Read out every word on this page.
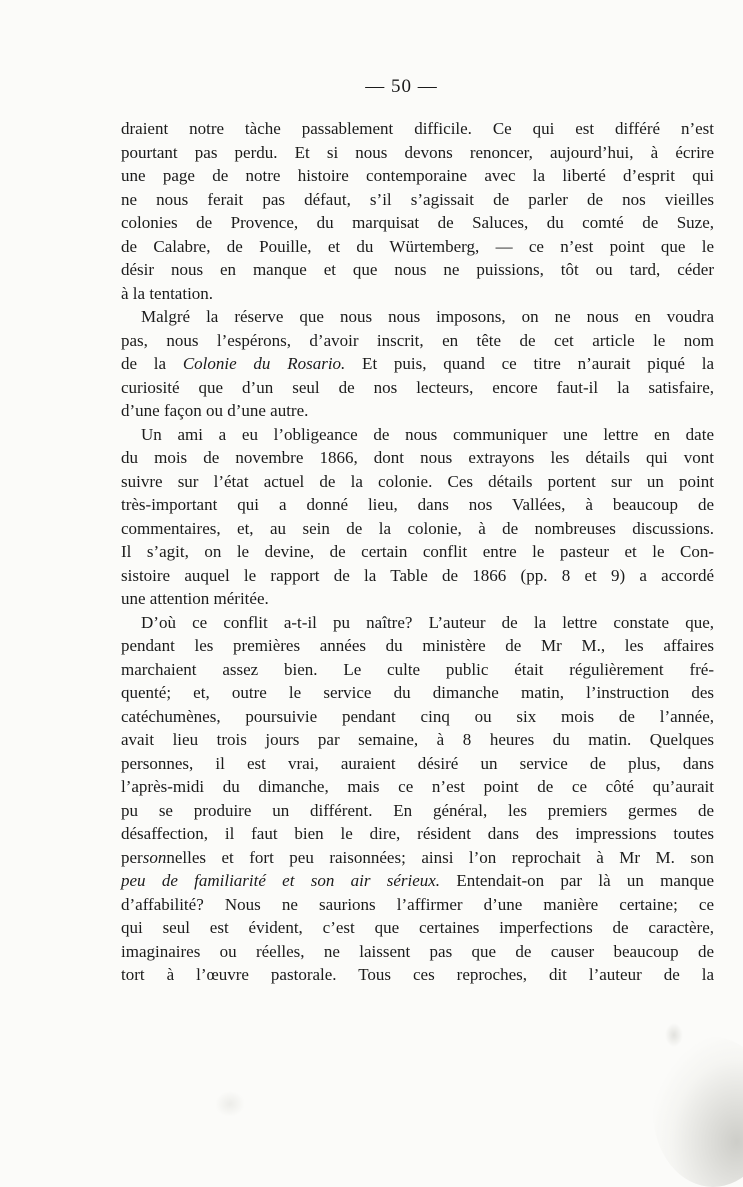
— 50 —
draient notre tàche passablement difficile. Ce qui est différé n’est
pourtant pas perdu. Et si nous devons renoncer, aujourd’hui, à écrire
une page de notre histoire contemporaine avec la liberté d’esprit qui
ne nous ferait pas défaut, s’il s’agissait de parler de nos vieilles
colonies de Provence, du marquisat de Saluces, du comté de Suze,
de Calabre, de Pouille, et du Würtemberg, — ce n’est point que le
désir nous en manque et que nous ne puissions, tôt ou tard, céder
à la tentation.
Malgré la réserve que nous nous imposons, on ne nous en voudra
pas, nous l’espérons, d’avoir inscrit, en tête de cet article le nom
de la Colonie du Rosario. Et puis, quand ce titre n’aurait piqué la
curiosité que d’un seul de nos lecteurs, encore faut-il la satisfaire,
d’une façon ou d’une autre.
Un ami a eu l’obligeance de nous communiquer une lettre en date
du mois de novembre 1866, dont nous extrayons les détails qui vont
suivre sur l’état actuel de la colonie. Ces détails portent sur un point
très-important qui a donné lieu, dans nos Vallées, à beaucoup de
commentaires, et, au sein de la colonie, à de nombreuses discussions.
Il s’agit, on le devine, de certain conflit entre le pasteur et le Con-
sistoire auquel le rapport de la Table de 1866 (pp. 8 et 9) a accordé
une attention méritée.
D’où ce conflit a-t-il pu naître? L’auteur de la lettre constate que,
pendant les premières années du ministère de Mr M., les affaires
marchaient assez bien. Le culte public était régulièrement fré-
quenté; et, outre le service du dimanche matin, l’instruction des
catéchumènes, poursuivie pendant cinq ou six mois de l’année,
avait lieu trois jours par semaine, à 8 heures du matin. Quelques
personnes, il est vrai, auraient désiré un service de plus, dans
l’après-midi du dimanche, mais ce n’est point de ce côté qu’aurait
pu se produire un différent. En général, les premiers germes de
désaffection, il faut bien le dire, résident dans des impressions toutes
personnelles et fort peu raisonnées; ainsi l’on reprochait à Mr M. son
peu de familiarité et son air sérieux. Entendait-on par là un manque
d’affabilité? Nous ne saurions l’affirmer d’une manière certaine; ce
qui seul est évident, c’est que certaines imperfections de caractère,
imaginaires ou réelles, ne laissent pas que de causer beaucoup de
tort à l’œuvre pastorale. Tous ces reproches, dit l’auteur de la
